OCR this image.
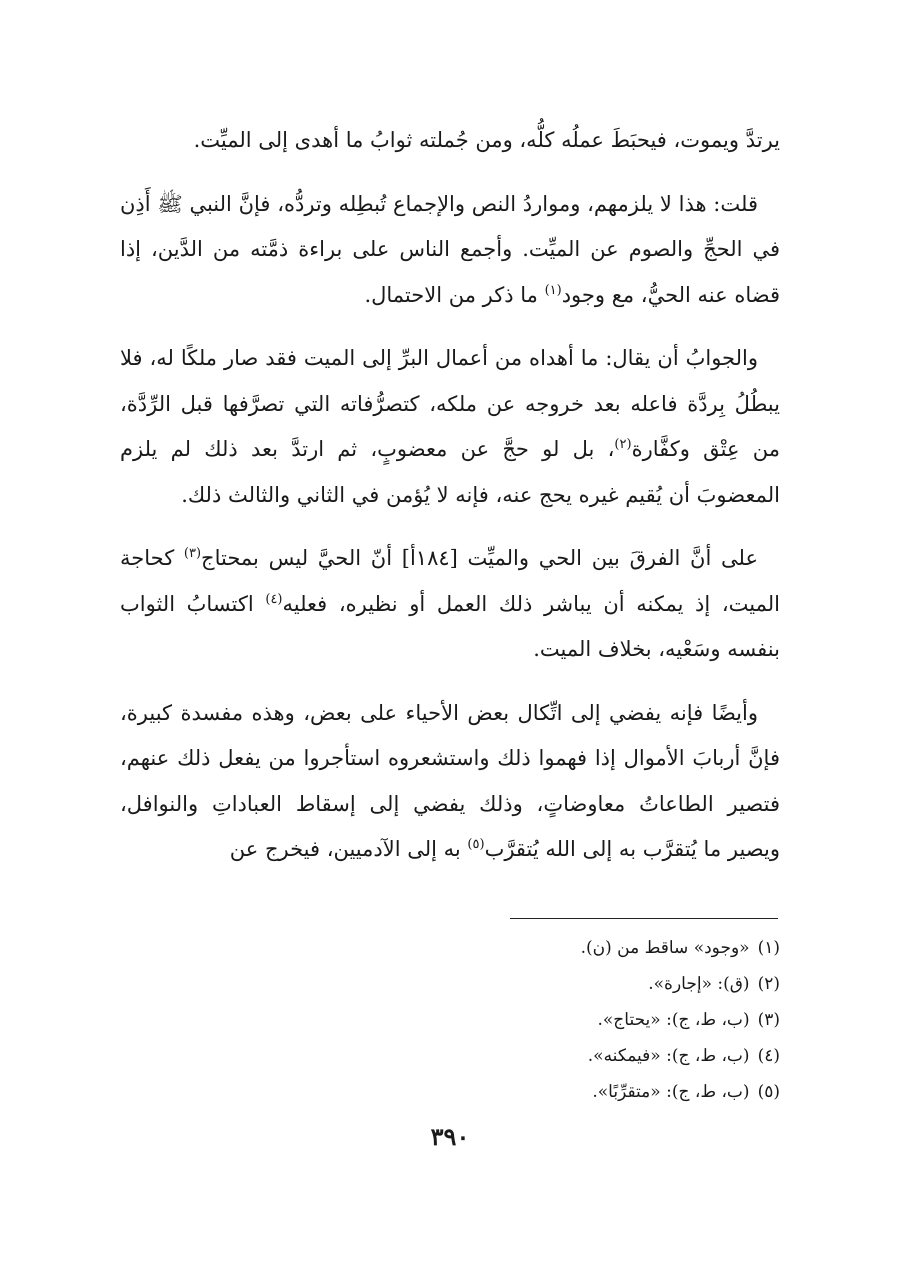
يرتدَّ ويموت، فيحبَطَ عملُه كلُّه، ومن جُملته ثوابُ ما أهدى إلى الميِّت.

قلت: هذا لا يلزمهم، ومواردُ النص والإجماع تُبطِله وتردُّه، فإنَّ النبي ﷺ أَذِن في الحجِّ والصوم عن الميِّت. وأجمع الناس على براءة ذمَّته من الدَّين، إذا قضاه عنه الحيُّ، مع وجود$^{(١)}$ ما ذكر من الاحتمال.

والجوابُ أن يقال: ما أهداه من أعمال البرِّ إلى الميت فقد صار ملكًا له، فلا يبطُلُ بِردَّة فاعله بعد خروجه عن ملكه، كتصرُّفاته التي تصرَّفها قبل الرِّدَّة، من عِتْق وكفَّارة$^{(٢)}$، بل لو حجَّ عن معضوبٍ، ثم ارتدَّ بعد ذلك لم يلزم المعضوبَ أن يُقيم غيره يحج عنه، فإنه لا يُؤمن في الثاني والثالث ذلك.

على أنَّ الفرقَ بين الحي والميِّت [١٨٤أ] أنّ الحيَّ ليس بمحتاج$^{(٣)}$ كحاجة الميت، إذ يمكنه أن يباشر ذلك العمل أو نظيره، فعليه$^{(٤)}$ اكتسابُ الثواب بنفسه وسَعْيه، بخلاف الميت.

وأيضًا فإنه يفضي إلى اتِّكال بعض الأحياء على بعض، وهذه مفسدة كبيرة، فإنَّ أربابَ الأموال إذا فهموا ذلك واستشعروه استأجروا من يفعل ذلك عنهم، فتصير الطاعاتُ معاوضاتٍ، وذلك يفضي إلى إسقاط العباداتِ والنوافل، ويصير ما يُتقرَّب به إلى الله يُتقرَّب$^{(٥)}$ به إلى الآدميين، فيخرج عن

(١)«وجود» ساقط من (ن).
(٢)(ق): «إجارة».
(٣)(ب، ط، ج): «يحتاج».
(٤)(ب، ط، ج): «فيمكنه».
(٥)(ب، ط، ج): «متقرِّبًا».
٣٩٠
